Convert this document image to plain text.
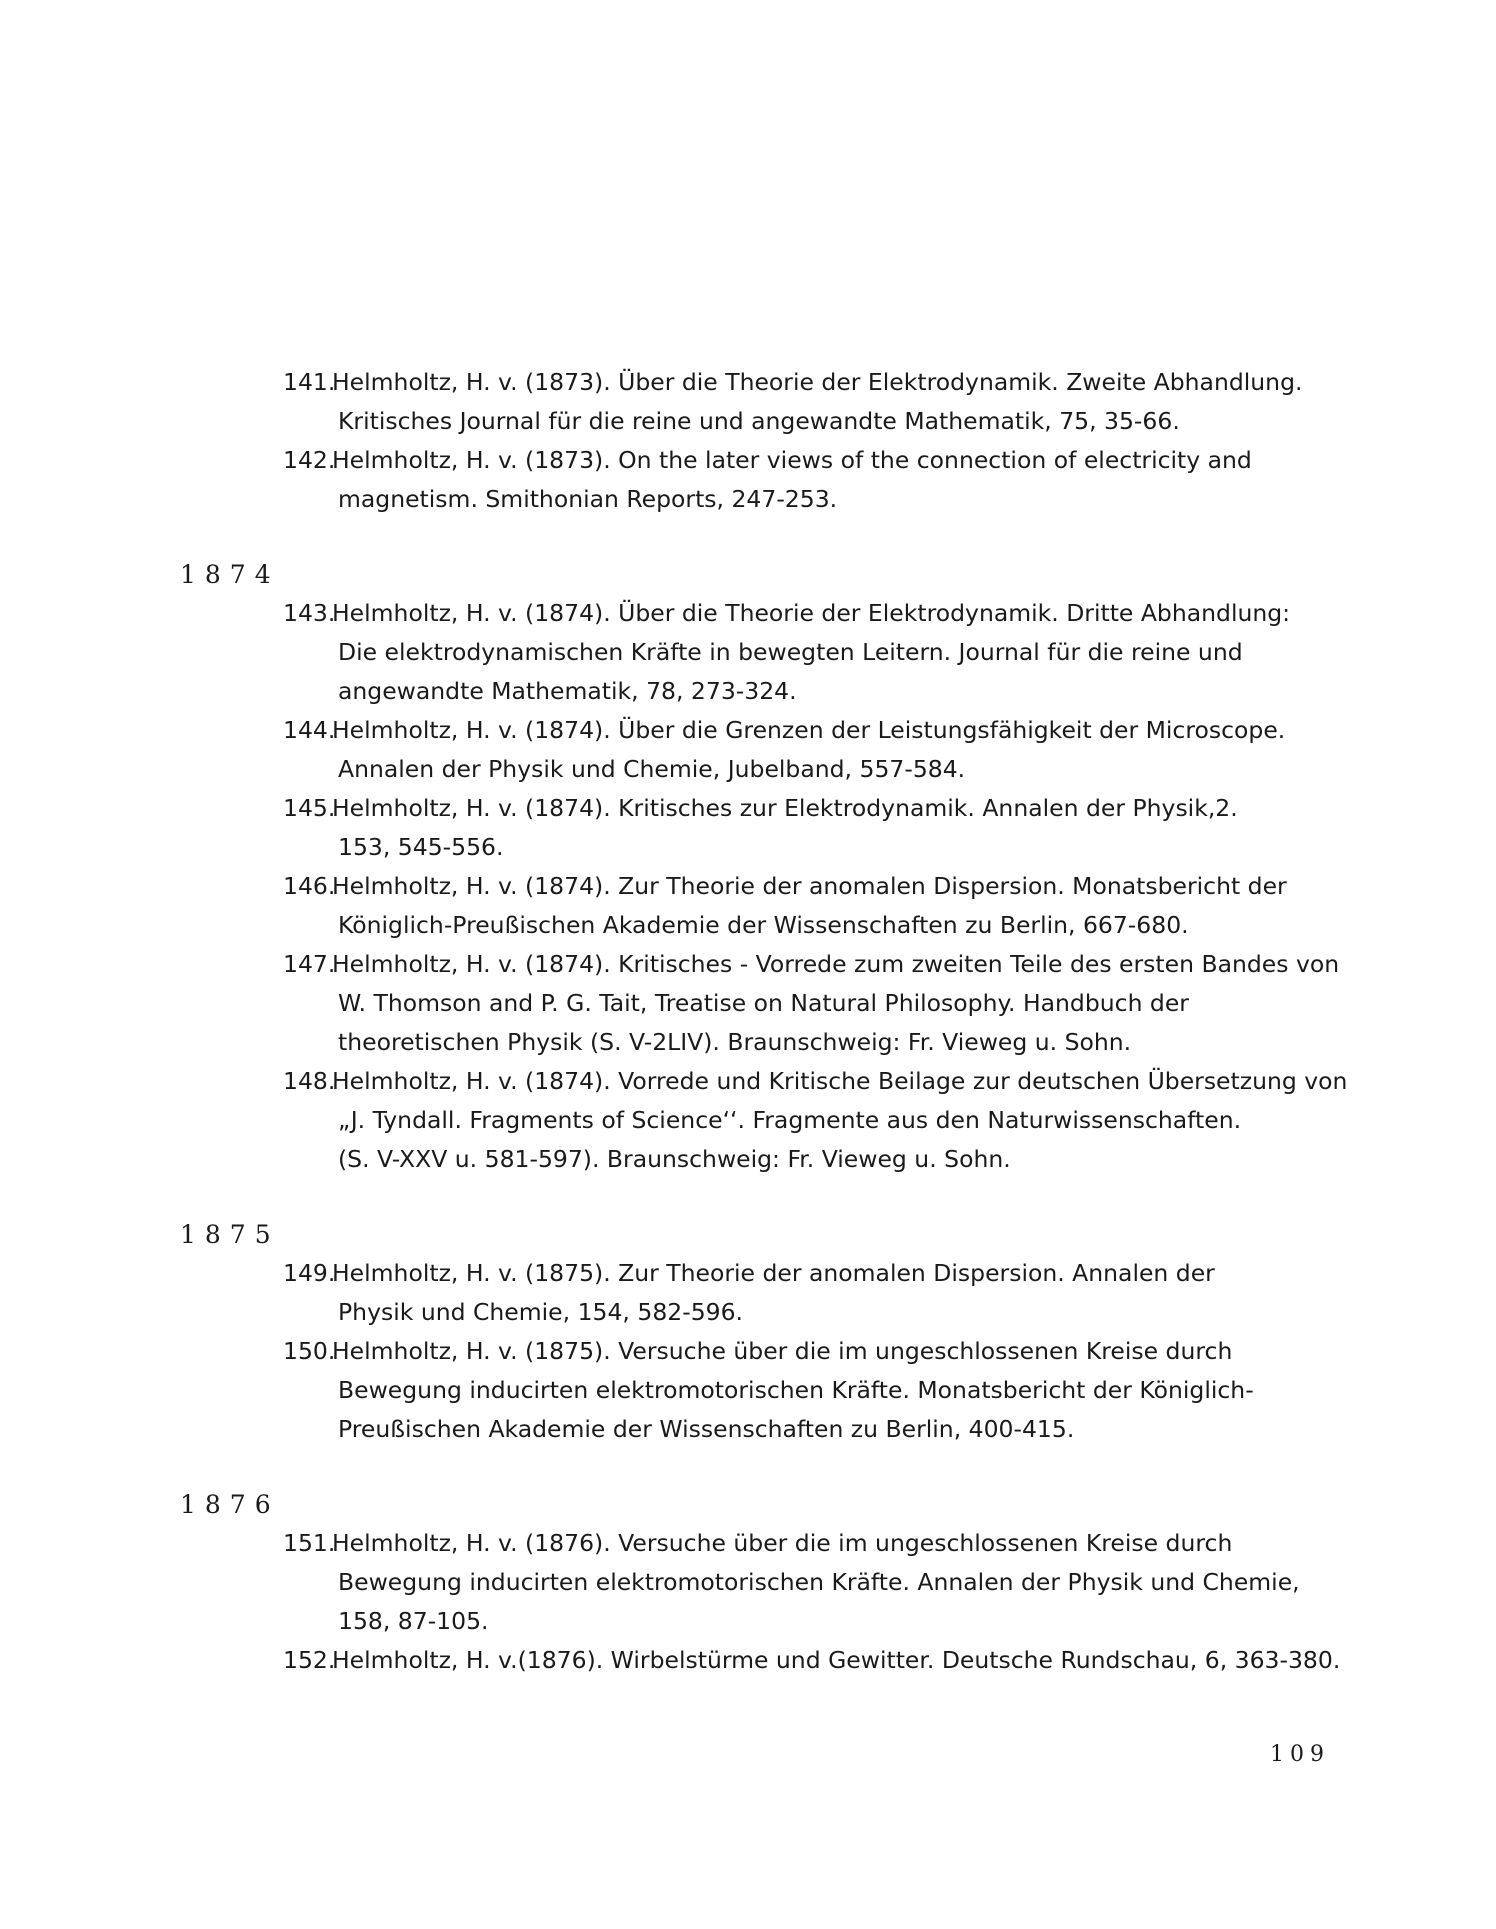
141.
Helmholtz, H. v. (1873). Über die Theorie der Elektrodynamik. Zweite Abhandlung.
Kritisches Journal für die reine und angewandte Mathematik, 75, 35-66.
142.
Helmholtz, H. v. (1873). On the later views of the connection of electricity and
magnetism. Smithonian Reports, 247-253.
1874
143.
Helmholtz, H. v. (1874). Über die Theorie der Elektrodynamik. Dritte Abhandlung:
Die elektrodynamischen Kräfte in bewegten Leitern. Journal für die reine und
angewandte Mathematik, 78, 273-324.
144.
Helmholtz, H. v. (1874). Über die Grenzen der Leistungsfähigkeit der Microscope.
Annalen der Physik und Chemie, Jubelband, 557-584.
145.
Helmholtz, H. v. (1874). Kritisches zur Elektrodynamik. Annalen der Physik,2.
153, 545-556.
146.
Helmholtz, H. v. (1874). Zur Theorie der anomalen Dispersion. Monatsbericht der
Königlich-Preußischen Akademie der Wissenschaften zu Berlin, 667-680.
147.
Helmholtz, H. v. (1874). Kritisches - Vorrede zum zweiten Teile des ersten Bandes von
W. Thomson and P. G. Tait, Treatise on Natural Philosophy. Handbuch der
theoretischen Physik (S. V-2LIV). Braunschweig: Fr. Vieweg u. Sohn.
148.
Helmholtz, H. v. (1874). Vorrede und Kritische Beilage zur deutschen Übersetzung von
„J. Tyndall. Fragments of Science‘‘. Fragmente aus den Naturwissenschaften.
(S. V-XXV u. 581-597). Braunschweig: Fr. Vieweg u. Sohn.
1875
149.
Helmholtz, H. v. (1875). Zur Theorie der anomalen Dispersion. Annalen der
Physik und Chemie, 154, 582-596.
150.
Helmholtz, H. v. (1875). Versuche über die im ungeschlossenen Kreise durch
Bewegung inducirten elektromotorischen Kräfte. Monatsbericht der Königlich-
Preußischen Akademie der Wissenschaften zu Berlin, 400-415.
1876
151.
Helmholtz, H. v. (1876). Versuche über die im ungeschlossenen Kreise durch
Bewegung inducirten elektromotorischen Kräfte. Annalen der Physik und Chemie,
158, 87-105.
152.
Helmholtz, H. v.(1876). Wirbelstürme und Gewitter. Deutsche Rundschau, 6, 363-380.
109
